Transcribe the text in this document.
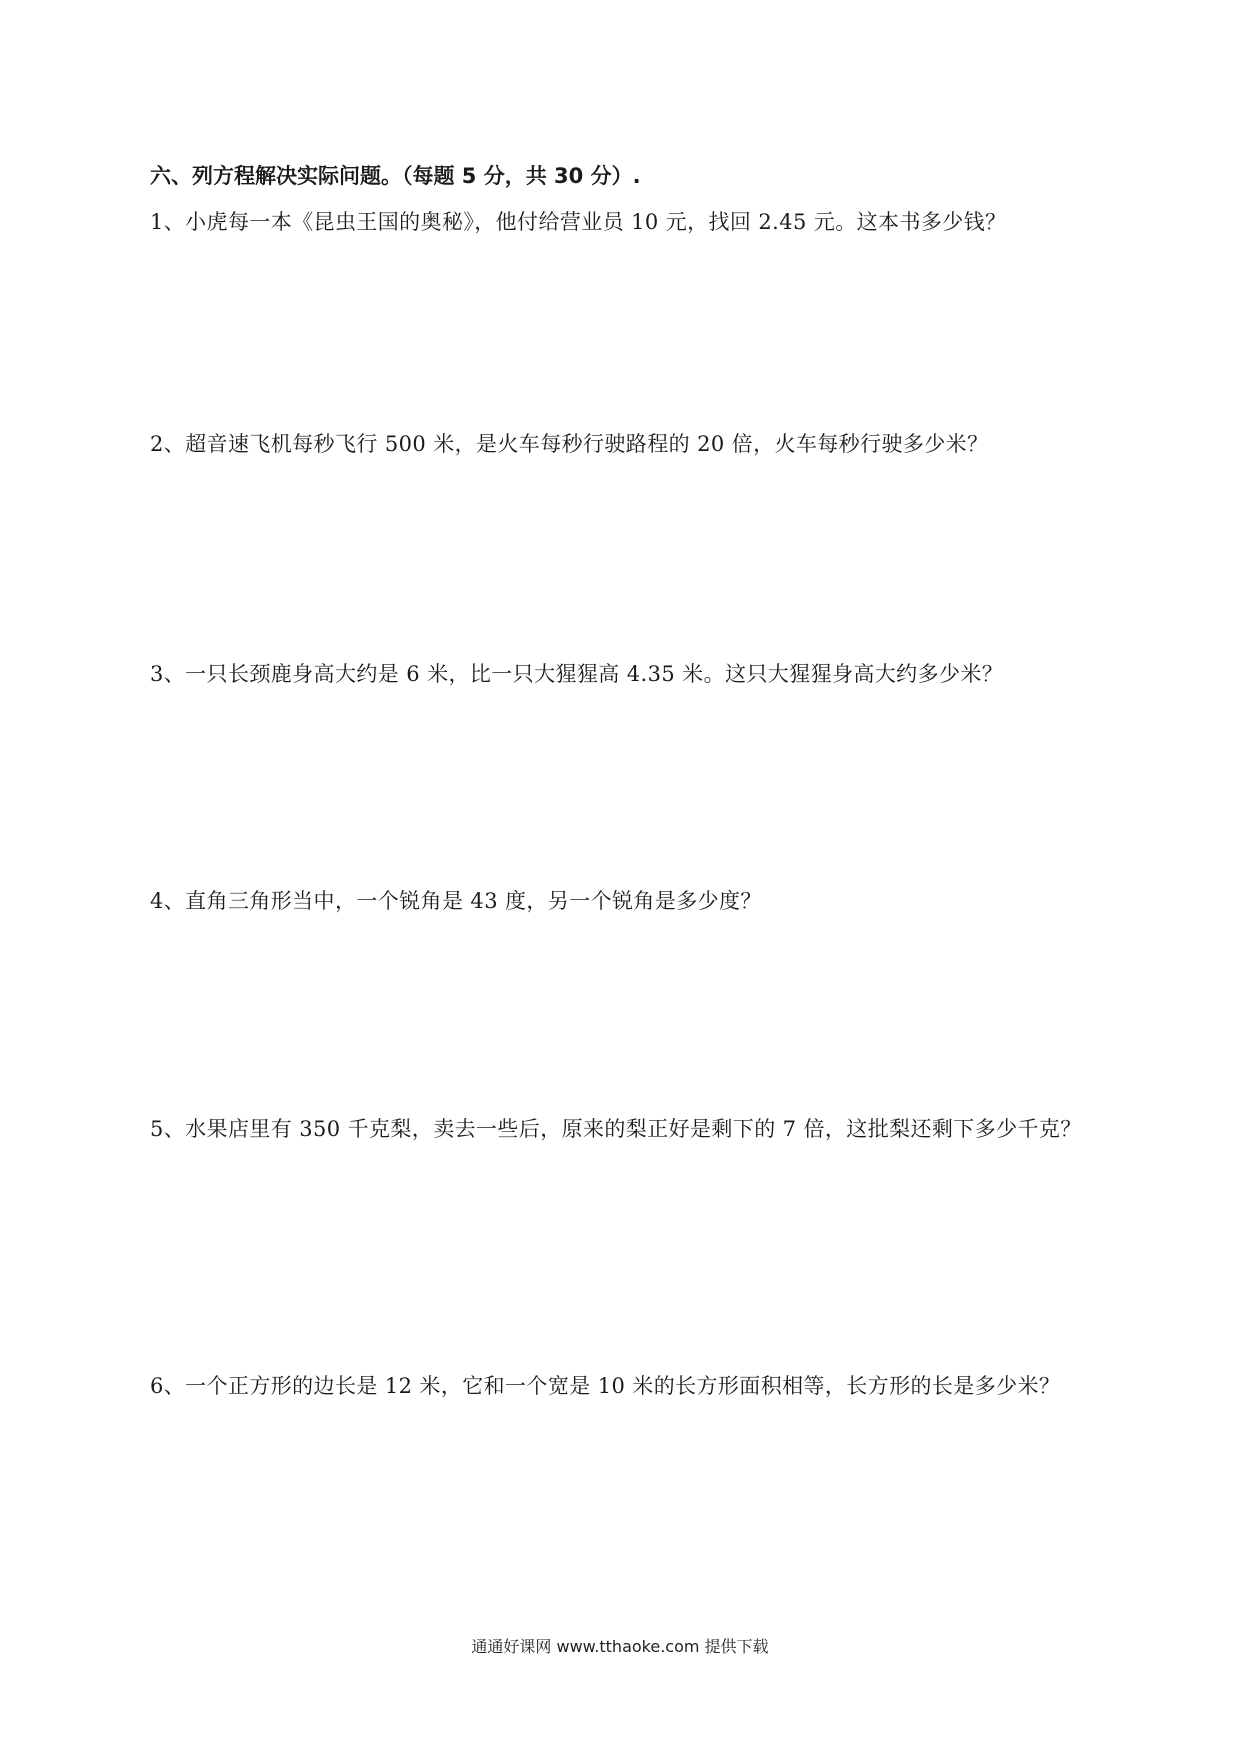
六、列方程解决实际问题。（每题 5 分，共 30 分）.
1、小虎每一本《昆虫王国的奥秘》，他付给营业员 10 元，找回 2.45 元。这本书多少钱？
2、超音速飞机每秒飞行 500 米，是火车每秒行驶路程的 20 倍，火车每秒行驶多少米？
3、一只长颈鹿身高大约是 6 米，比一只大猩猩高 4.35 米。这只大猩猩身高大约多少米？
4、直角三角形当中，一个锐角是 43 度，另一个锐角是多少度？
5、水果店里有 350 千克梨，卖去一些后，原来的梨正好是剩下的 7 倍，这批梨还剩下多少千克？
6、一个正方形的边长是 12 米，它和一个宽是 10 米的长方形面积相等，长方形的长是多少米？
通通好课网 www.tthaoke.com 提供下载
